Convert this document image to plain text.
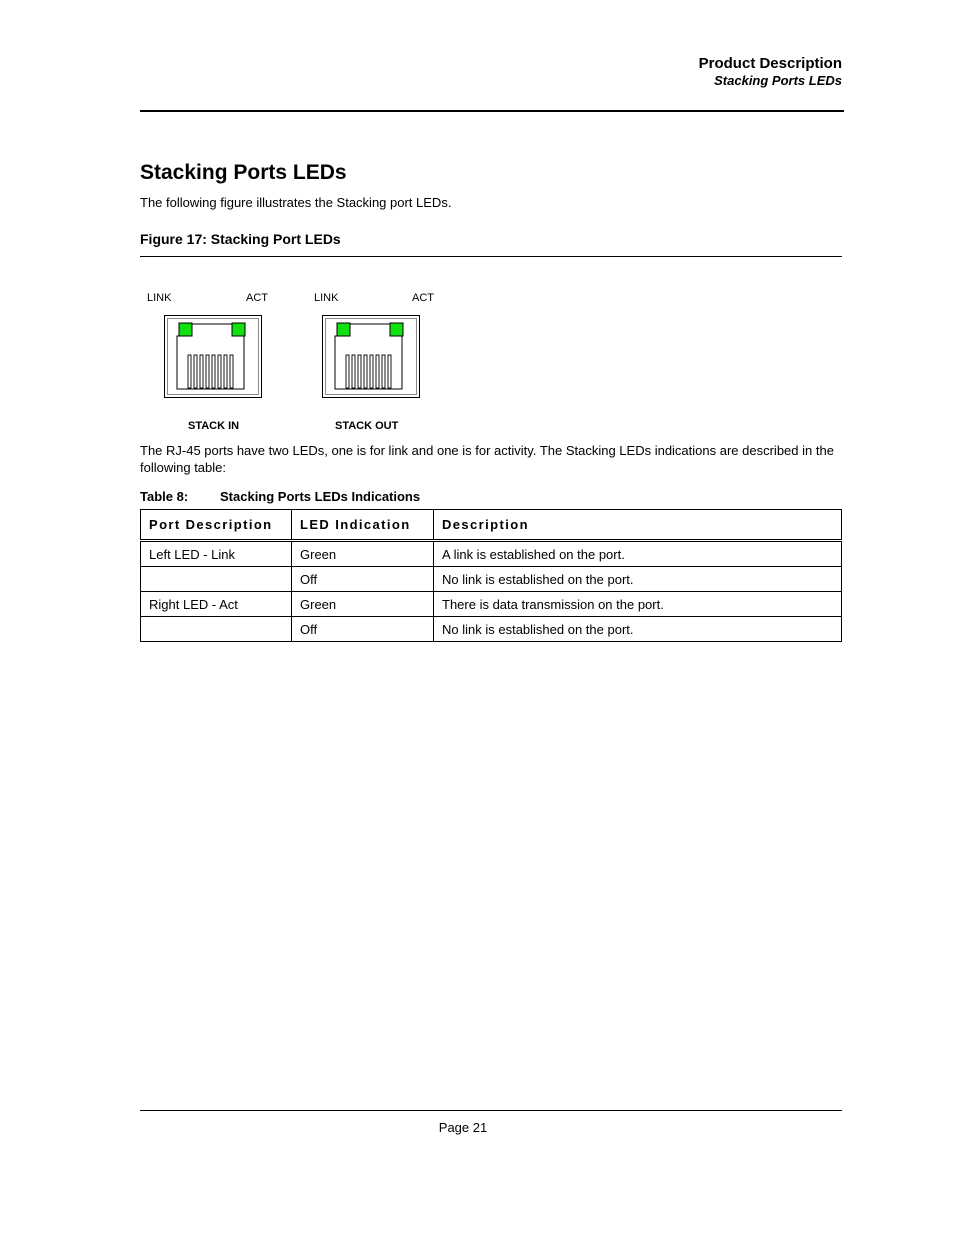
Product Description
Stacking Ports LEDs
Stacking Ports LEDs
The following figure illustrates the Stacking port LEDs.
Figure 17: Stacking Port LEDs
LINK	ACT
STACK IN
LINK	ACT
STACK OUT
The RJ-45 ports have two LEDs, one is for link and one is for activity. The Stacking LEDs indications are described in the following table:
Table 8: Stacking Ports LEDs Indications
Port Description	LED Indication	Description
Left LED - Link	Green	A link is established on the port.
	Off	No link is established on the port.
Right LED - Act	Green	There is data transmission on the port.
	Off	No link is established on the port.
Page 21
